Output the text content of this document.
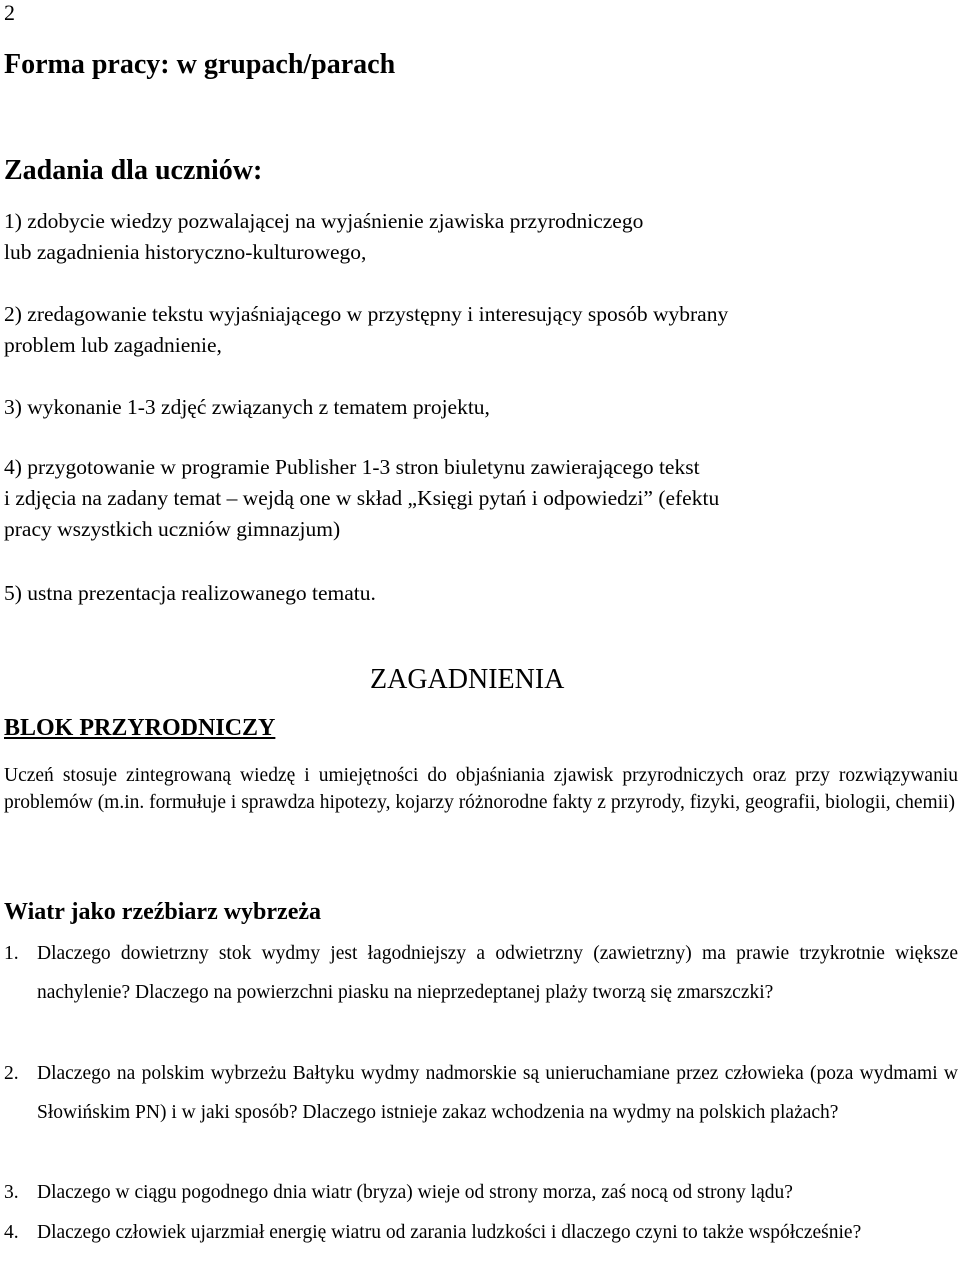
2
Forma pracy: w grupach/parach
Zadania dla uczniów:
1) zdobycie wiedzy pozwalającej na wyjaśnienie zjawiska przyrodniczego
lub zagadnienia historyczno-kulturowego,
2) zredagowanie tekstu wyjaśniającego w przystępny i interesujący sposób wybrany
problem lub zagadnienie,
3) wykonanie 1-3 zdjęć związanych z tematem projektu,
4) przygotowanie w programie Publisher 1-3 stron biuletynu zawierającego tekst
i zdjęcia na zadany temat – wejdą one w skład „Księgi pytań i odpowiedzi” (efektu
pracy wszystkich uczniów gimnazjum)
5) ustna prezentacja realizowanego tematu.
ZAGADNIENIA
BLOK PRZYRODNICZY
Uczeń stosuje zintegrowaną wiedzę i umiejętności do objaśniania zjawisk przyrodniczych oraz przy rozwiązywaniu problemów (m.in. formułuje i sprawdza hipotezy, kojarzy różnorodne fakty z przyrody, fizyki, geografii, biologii, chemii)
Wiatr jako rzeźbiarz wybrzeża
1. Dlaczego dowietrzny stok wydmy jest łagodniejszy a odwietrzny (zawietrzny) ma prawie trzykrotnie większe nachylenie? Dlaczego na powierzchni piasku na nieprzedeptanej plaży tworzą się zmarszczki?
2. Dlaczego na polskim wybrzeżu Bałtyku wydmy nadmorskie są unieruchamiane przez człowieka (poza wydmami w Słowińskim PN) i w jaki sposób? Dlaczego istnieje zakaz wchodzenia na wydmy na polskich plażach?
3. Dlaczego w ciągu pogodnego dnia wiatr (bryza) wieje od strony morza, zaś nocą od strony lądu?
4. Dlaczego człowiek ujarzmiał energię wiatru od zarania ludzkości i dlaczego czyni to także współcześnie?
